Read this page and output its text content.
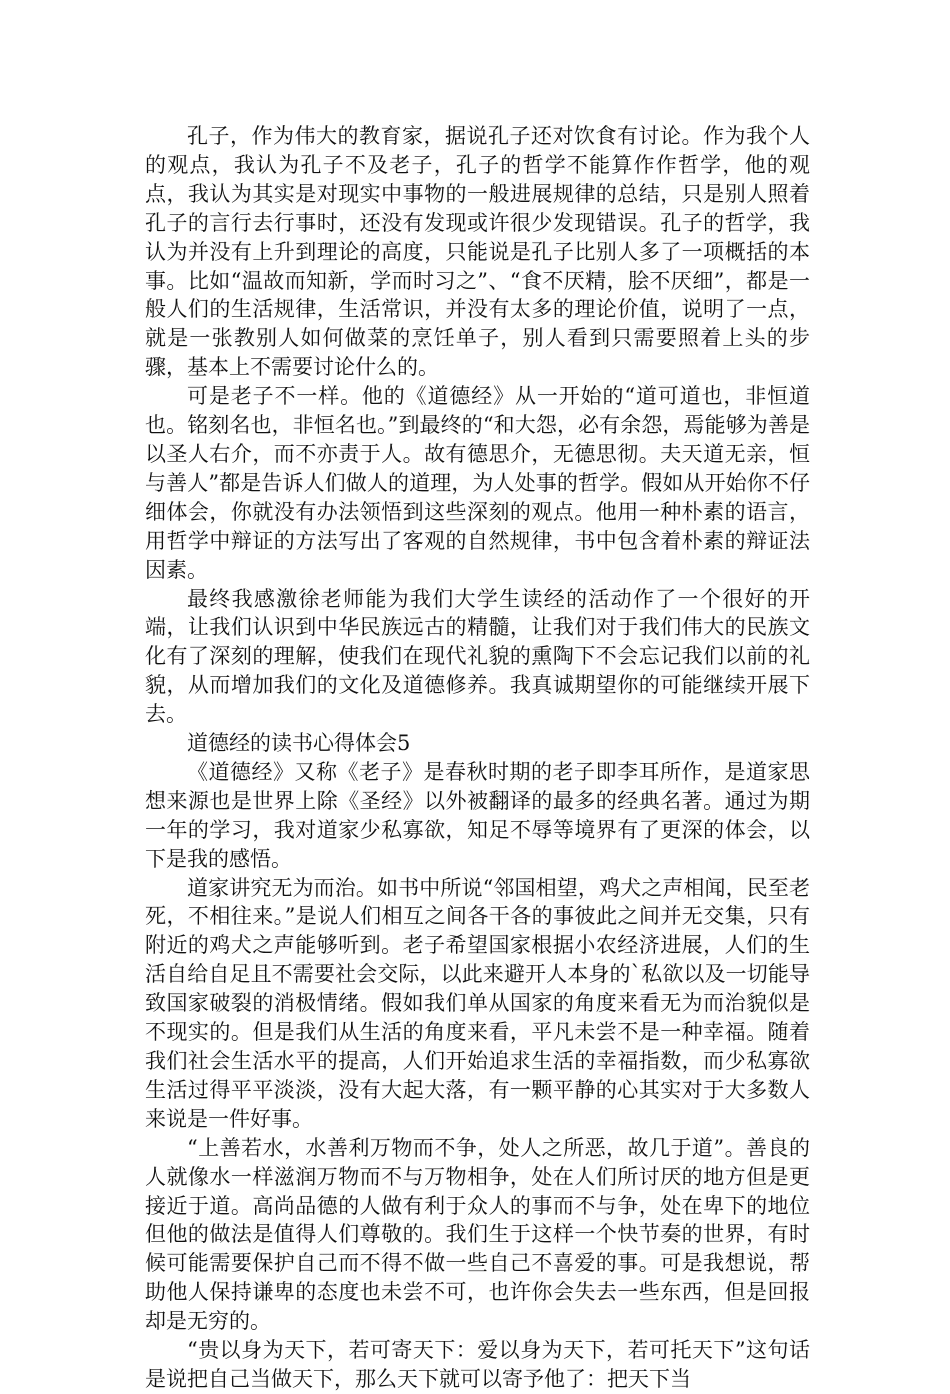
孔子，作为伟大的教育家，据说孔子还对饮食有讨论。作为我个人的观点，我认为孔子不及老子，孔子的哲学不能算作作哲学，他的观点，我认为其实是对现实中事物的一般进展规律的总结，只是别人照着孔子的言行去行事时，还没有发现或许很少发现错误。孔子的哲学，我认为并没有上升到理论的高度，只能说是孔子比别人多了一项概括的本事。比如“温故而知新，学而时习之”、“食不厌精，脍不厌细”，都是一般人们的生活规律，生活常识，并没有太多的理论价值，说明了一点，就是一张教别人如何做菜的烹饪单子，别人看到只需要照着上头的步骤，基本上不需要讨论什么的。

可是老子不一样。他的《道德经》从一开始的“道可道也，非恒道也。铭刻名也，非恒名也。”到最终的“和大怨，必有余怨，焉能够为善是以圣人右介，而不亦责于人。故有德思介，无德思彻。夫天道无亲，恒与善人”都是告诉人们做人的道理，为人处事的哲学。假如从开始你不仔细体会，你就没有办法领悟到这些深刻的观点。他用一种朴素的语言，用哲学中辩证的方法写出了客观的自然规律，书中包含着朴素的辩证法因素。

最终我感激徐老师能为我们大学生读经的活动作了一个很好的开端，让我们认识到中华民族远古的精髓，让我们对于我们伟大的民族文化有了深刻的理解，使我们在现代礼貌的熏陶下不会忘记我们以前的礼貌，从而增加我们的文化及道德修养。我真诚期望你的可能继续开展下去。

道德经的读书心得体会5

《道德经》又称《老子》是春秋时期的老子即李耳所作，是道家思想来源也是世界上除《圣经》以外被翻译的最多的经典名著。通过为期一年的学习，我对道家少私寡欲，知足不辱等境界有了更深的体会，以下是我的感悟。

道家讲究无为而治。如书中所说“邻国相望，鸡犬之声相闻，民至老死，不相往来。”是说人们相互之间各干各的事彼此之间并无交集，只有附近的鸡犬之声能够听到。老子希望国家根据小农经济进展，人们的生活自给自足且不需要社会交际，以此来避开人本身的`私欲以及一切能导致国家破裂的消极情绪。假如我们单从国家的角度来看无为而治貌似是不现实的。但是我们从生活的角度来看，平凡未尝不是一种幸福。随着我们社会生活水平的提高，人们开始追求生活的幸福指数，而少私寡欲生活过得平平淡淡，没有大起大落，有一颗平静的心其实对于大多数人来说是一件好事。

“上善若水，水善利万物而不争，处人之所恶，故几于道”。善良的人就像水一样滋润万物而不与万物相争，处在人们所讨厌的地方但是更接近于道。高尚品德的人做有利于众人的事而不与争，处在卑下的地位但他的做法是值得人们尊敬的。我们生于这样一个快节奏的世界，有时候可能需要保护自己而不得不做一些自己不喜爱的事。可是我想说，帮助他人保持谦卑的态度也未尝不可，也许你会失去一些东西，但是回报却是无穷的。

“贵以身为天下，若可寄天下：爱以身为天下，若可托天下”这句话是说把自己当做天下，那么天下就可以寄予他了：把天下当
